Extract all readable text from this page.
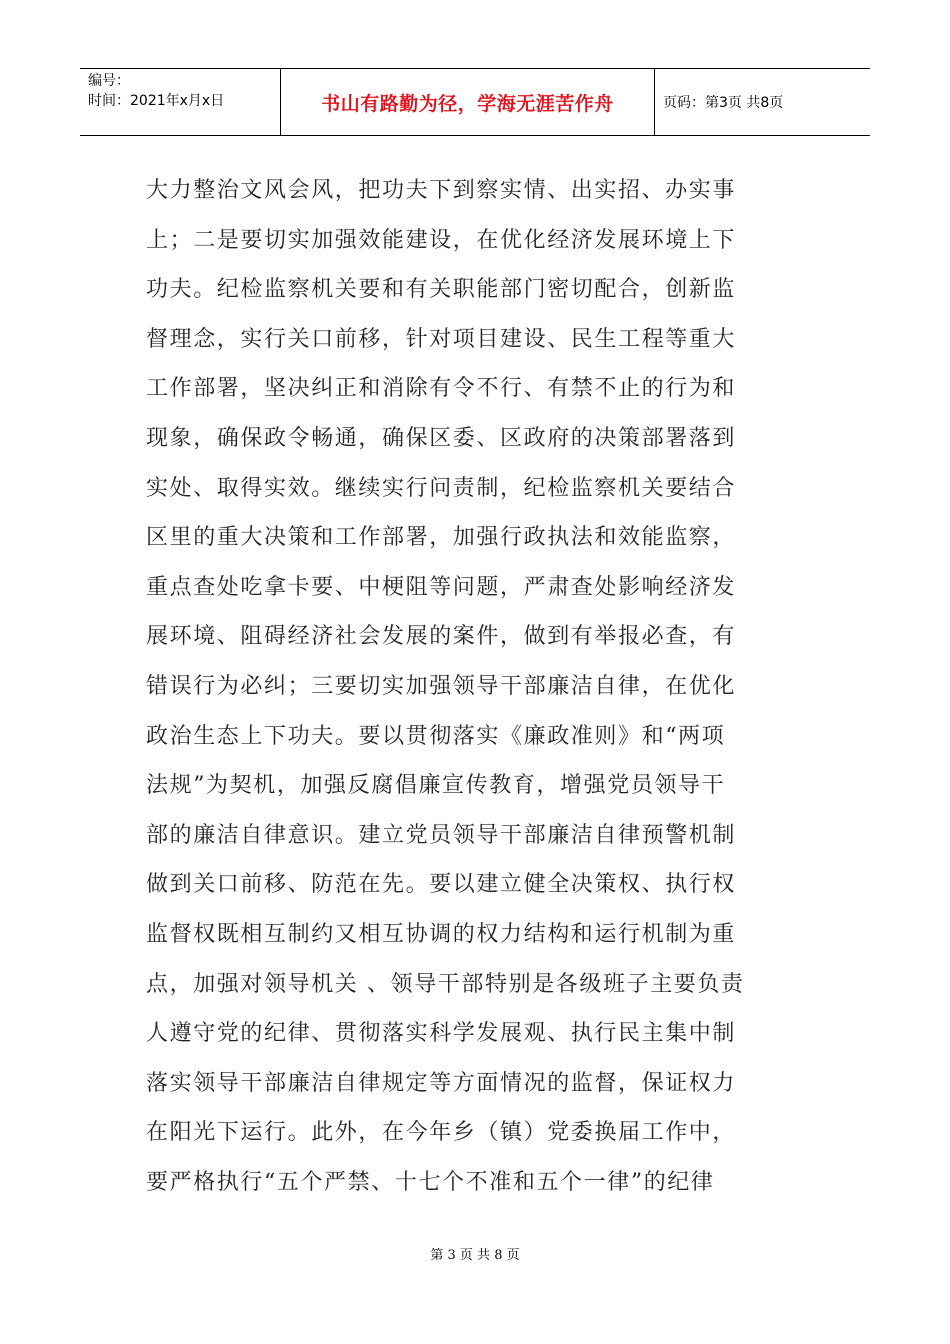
编号：
时间：2021年x月x日	书山有路勤为径，学海无涯苦作舟	页码：第3页 共8页
大力整治文风会风，把功夫下到察实情、出实招、办实事
上；二是要切实加强效能建设，在优化经济发展环境上下
功夫。纪检监察机关要和有关职能部门密切配合，创新监
督理念，实行关口前移，针对项目建设、民生工程等重大
工作部署，坚决纠正和消除有令不行、有禁不止的行为和
现象，确保政令畅通，确保区委、区政府的决策部署落到
实处、取得实效。继续实行问责制，纪检监察机关要结合
区里的重大决策和工作部署，加强行政执法和效能监察，
重点查处吃拿卡要、中梗阻等问题，严肃查处影响经济发
展环境、阻碍经济社会发展的案件，做到有举报必查，有
错误行为必纠；三要切实加强领导干部廉洁自律，在优化
政治生态上下功夫。要以贯彻落实《廉政准则》和“两项
法规”为契机，加强反腐倡廉宣传教育，增强党员领导干
部的廉洁自律意识。建立党员领导干部廉洁自律预警机制
做到关口前移、防范在先。要以建立健全决策权、执行权
监督权既相互制约又相互协调的权力结构和运行机制为重
点，加强对领导机关 、领导干部特别是各级班子主要负责
人遵守党的纪律、贯彻落实科学发展观、执行民主集中制
落实领导干部廉洁自律规定等方面情况的监督，保证权力
在阳光下运行。此外，在今年乡（镇）党委换届工作中，
要严格执行“五个严禁、十七个不准和五个一律”的纪律
第 3 页 共 8 页
